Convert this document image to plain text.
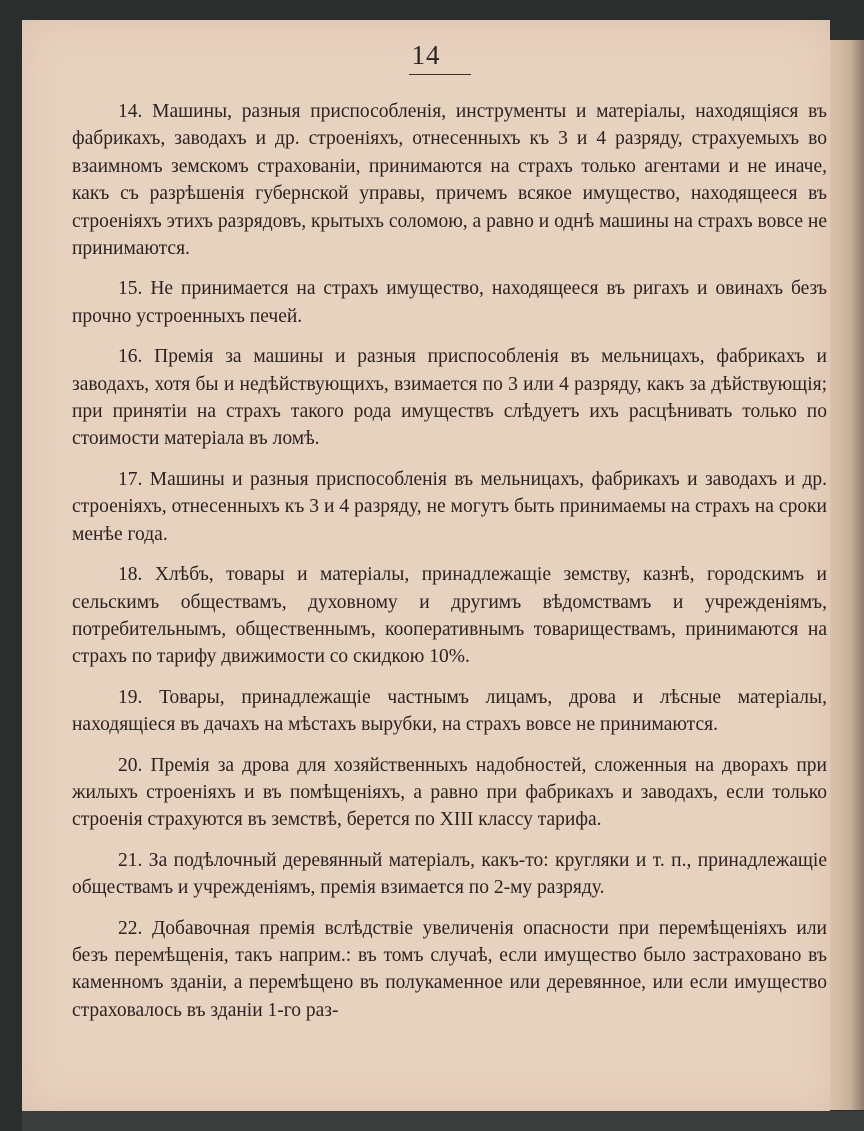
14

14. Машины, разныя приспособленія, инструменты и матеріалы, находящіяся въ фабрикахъ, заводахъ и др. строеніяхъ, отнесенныхъ къ 3 и 4 разряду, страхуемыхъ во взаимномъ земскомъ страхованіи, принимаются на страхъ только агентами и не иначе, какъ съ разрѣшенія губернской управы, причемъ всякое имущество, находящееся въ строеніяхъ этихъ разрядовъ, крытыхъ соломою, а равно и однѣ машины на страхъ вовсе не принимаются.

15. Не принимается на страхъ имущество, находящееся въ ригахъ и овинахъ безъ прочно устроенныхъ печей.

16. Премія за машины и разныя приспособленія въ мельницахъ, фабрикахъ и заводахъ, хотя бы и недѣйствующихъ, взимается по 3 или 4 разряду, какъ за дѣйствующія; при принятіи на страхъ такого рода имуществъ слѣдуетъ ихъ расцѣнивать только по стоимости матеріала въ ломѣ.

17. Машины и разныя приспособленія въ мельницахъ, фабрикахъ и заводахъ и др. строеніяхъ, отнесенныхъ къ 3 и 4 разряду, не могутъ быть принимаемы на страхъ на сроки менѣе года.

18. Хлѣбъ, товары и матеріалы, принадлежащіе земству, казнѣ, городскимъ и сельскимъ обществамъ, духовному и другимъ вѣдомствамъ и учрежденіямъ, потребительнымъ, общественнымъ, кооперативнымъ товариществамъ, принимаются на страхъ по тарифу движимости со скидкою 10%.

19. Товары, принадлежащіе частнымъ лицамъ, дрова и лѣсные матеріалы, находящіеся въ дачахъ на мѣстахъ вырубки, на страхъ вовсе не принимаются.

20. Премія за дрова для хозяйственныхъ надобностей, сложенныя на дворахъ при жилыхъ строеніяхъ и въ помѣщеніяхъ, а равно при фабрикахъ и заводахъ, если только строенія страхуются въ земствѣ, берется по XIII классу тарифа.

21. За подѣлочный деревянный матеріалъ, какъ-то: кругляки и т. п., принадлежащіе обществамъ и учрежденіямъ, премія взимается по 2-му разряду.

22. Добавочная премія вслѣдствіе увеличенія опасности при перемѣщеніяхъ или безъ перемѣщенія, такъ наприм.: въ томъ случаѣ, если имущество было застраховано въ каменномъ зданіи, а перемѣщено въ полукаменное или деревянное, или если имущество страховалось въ зданіи 1-го раз-
